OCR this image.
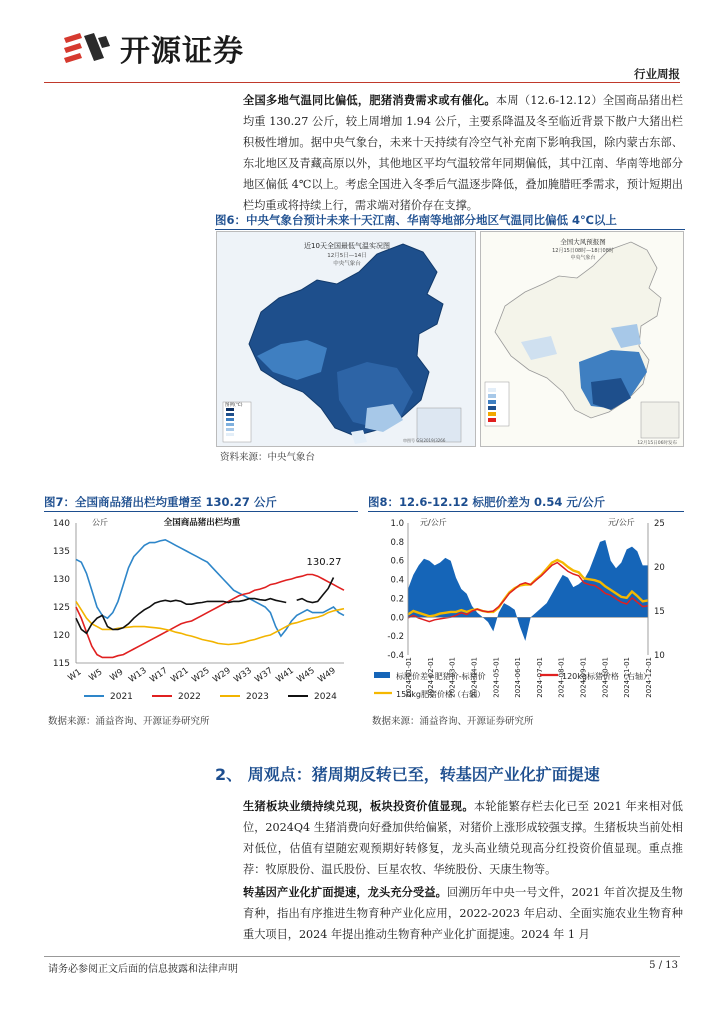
开源证券
行业周报
全国多地气温同比偏低，肥猪消费需求或有催化。本周（12.6-12.12）全国商品猪出栏均重 130.27 公斤，较上周增加 1.94 公斤，主要系降温及冬至临近背景下散户大猪出栏积极性增加。据中央气象台，未来十天持续有冷空气补充南下影响我国，除内蒙古东部、东北地区及青藏高原以外，其他地区平均气温较常年同期偏低，其中江南、华南等地部分地区偏低 4℃以上。考虑全国进入冬季后气温逐步降低，叠加腌腊旺季需求，预计短期出栏均重或将持续上行，需求端对猪价存在支撑。
图6：中央气象台预计未来十天江南、华南等地部分地区气温同比偏低 4℃以上
近10天全国最低气温实况图
12月5日—14日
中央气象台
图例(℃)
审图号 GS(2019)3266
全国大风预报图
12月15日08时—18日08时
中央气象台
12月15日06时发布
资料来源：中央气象台
图7：全国商品猪出栏均重增至 130.27 公斤
115
120
125
130
135
140
W1 W5 W9 W13 W17 W21 W25 W29 W33 W37 W41 W45 W49
公斤	全国商品猪出栏均重
130.27
2021	2022	2023	2024
数据来源：涌益咨询、开源证券研究所
图8：12.6-12.12 标肥价差为 0.54 元/公斤
-0.4
-0.2
0.0
0.2
0.4
0.6
0.8
1.0
10
15
20
25
2024-01-01 2024-02-01 2024-03-01 2024-04-01 2024-05-01 2024-06-01 2024-07-01 2024-08-01 2024-09-01 2024-10-01 2024-11-01 2024-12-01
元/公斤	元/公斤
标肥价差=肥猪价-标猪价	120kg标猪价格（右轴）
150kg肥猪价格（右轴）
数据来源：涌益咨询、开源证券研究所
2、 周观点：猪周期反转已至，转基因产业化扩面提速
生猪板块业绩持续兑现，板块投资价值显现。本轮能繁存栏去化已至 2021 年来相对低位，2024Q4 生猪消费向好叠加供给偏紧，对猪价上涨形成较强支撑。生猪板块当前处相对低位，估值有望随宏观预期好转修复，龙头高业绩兑现高分红投资价值显现。重点推荐：牧原股份、温氏股份、巨星农牧、华统股份、天康生物等。
转基因产业化扩面提速，龙头充分受益。回溯历年中央一号文件，2021 年首次提及生物育种，指出有序推进生物育种产业化应用，2022-2023 年启动、全面实施农业生物育种重大项目，2024 年提出推动生物育种产业化扩面提速。2024 年 1 月
请务必参阅正文后面的信息披露和法律声明	5 / 13
